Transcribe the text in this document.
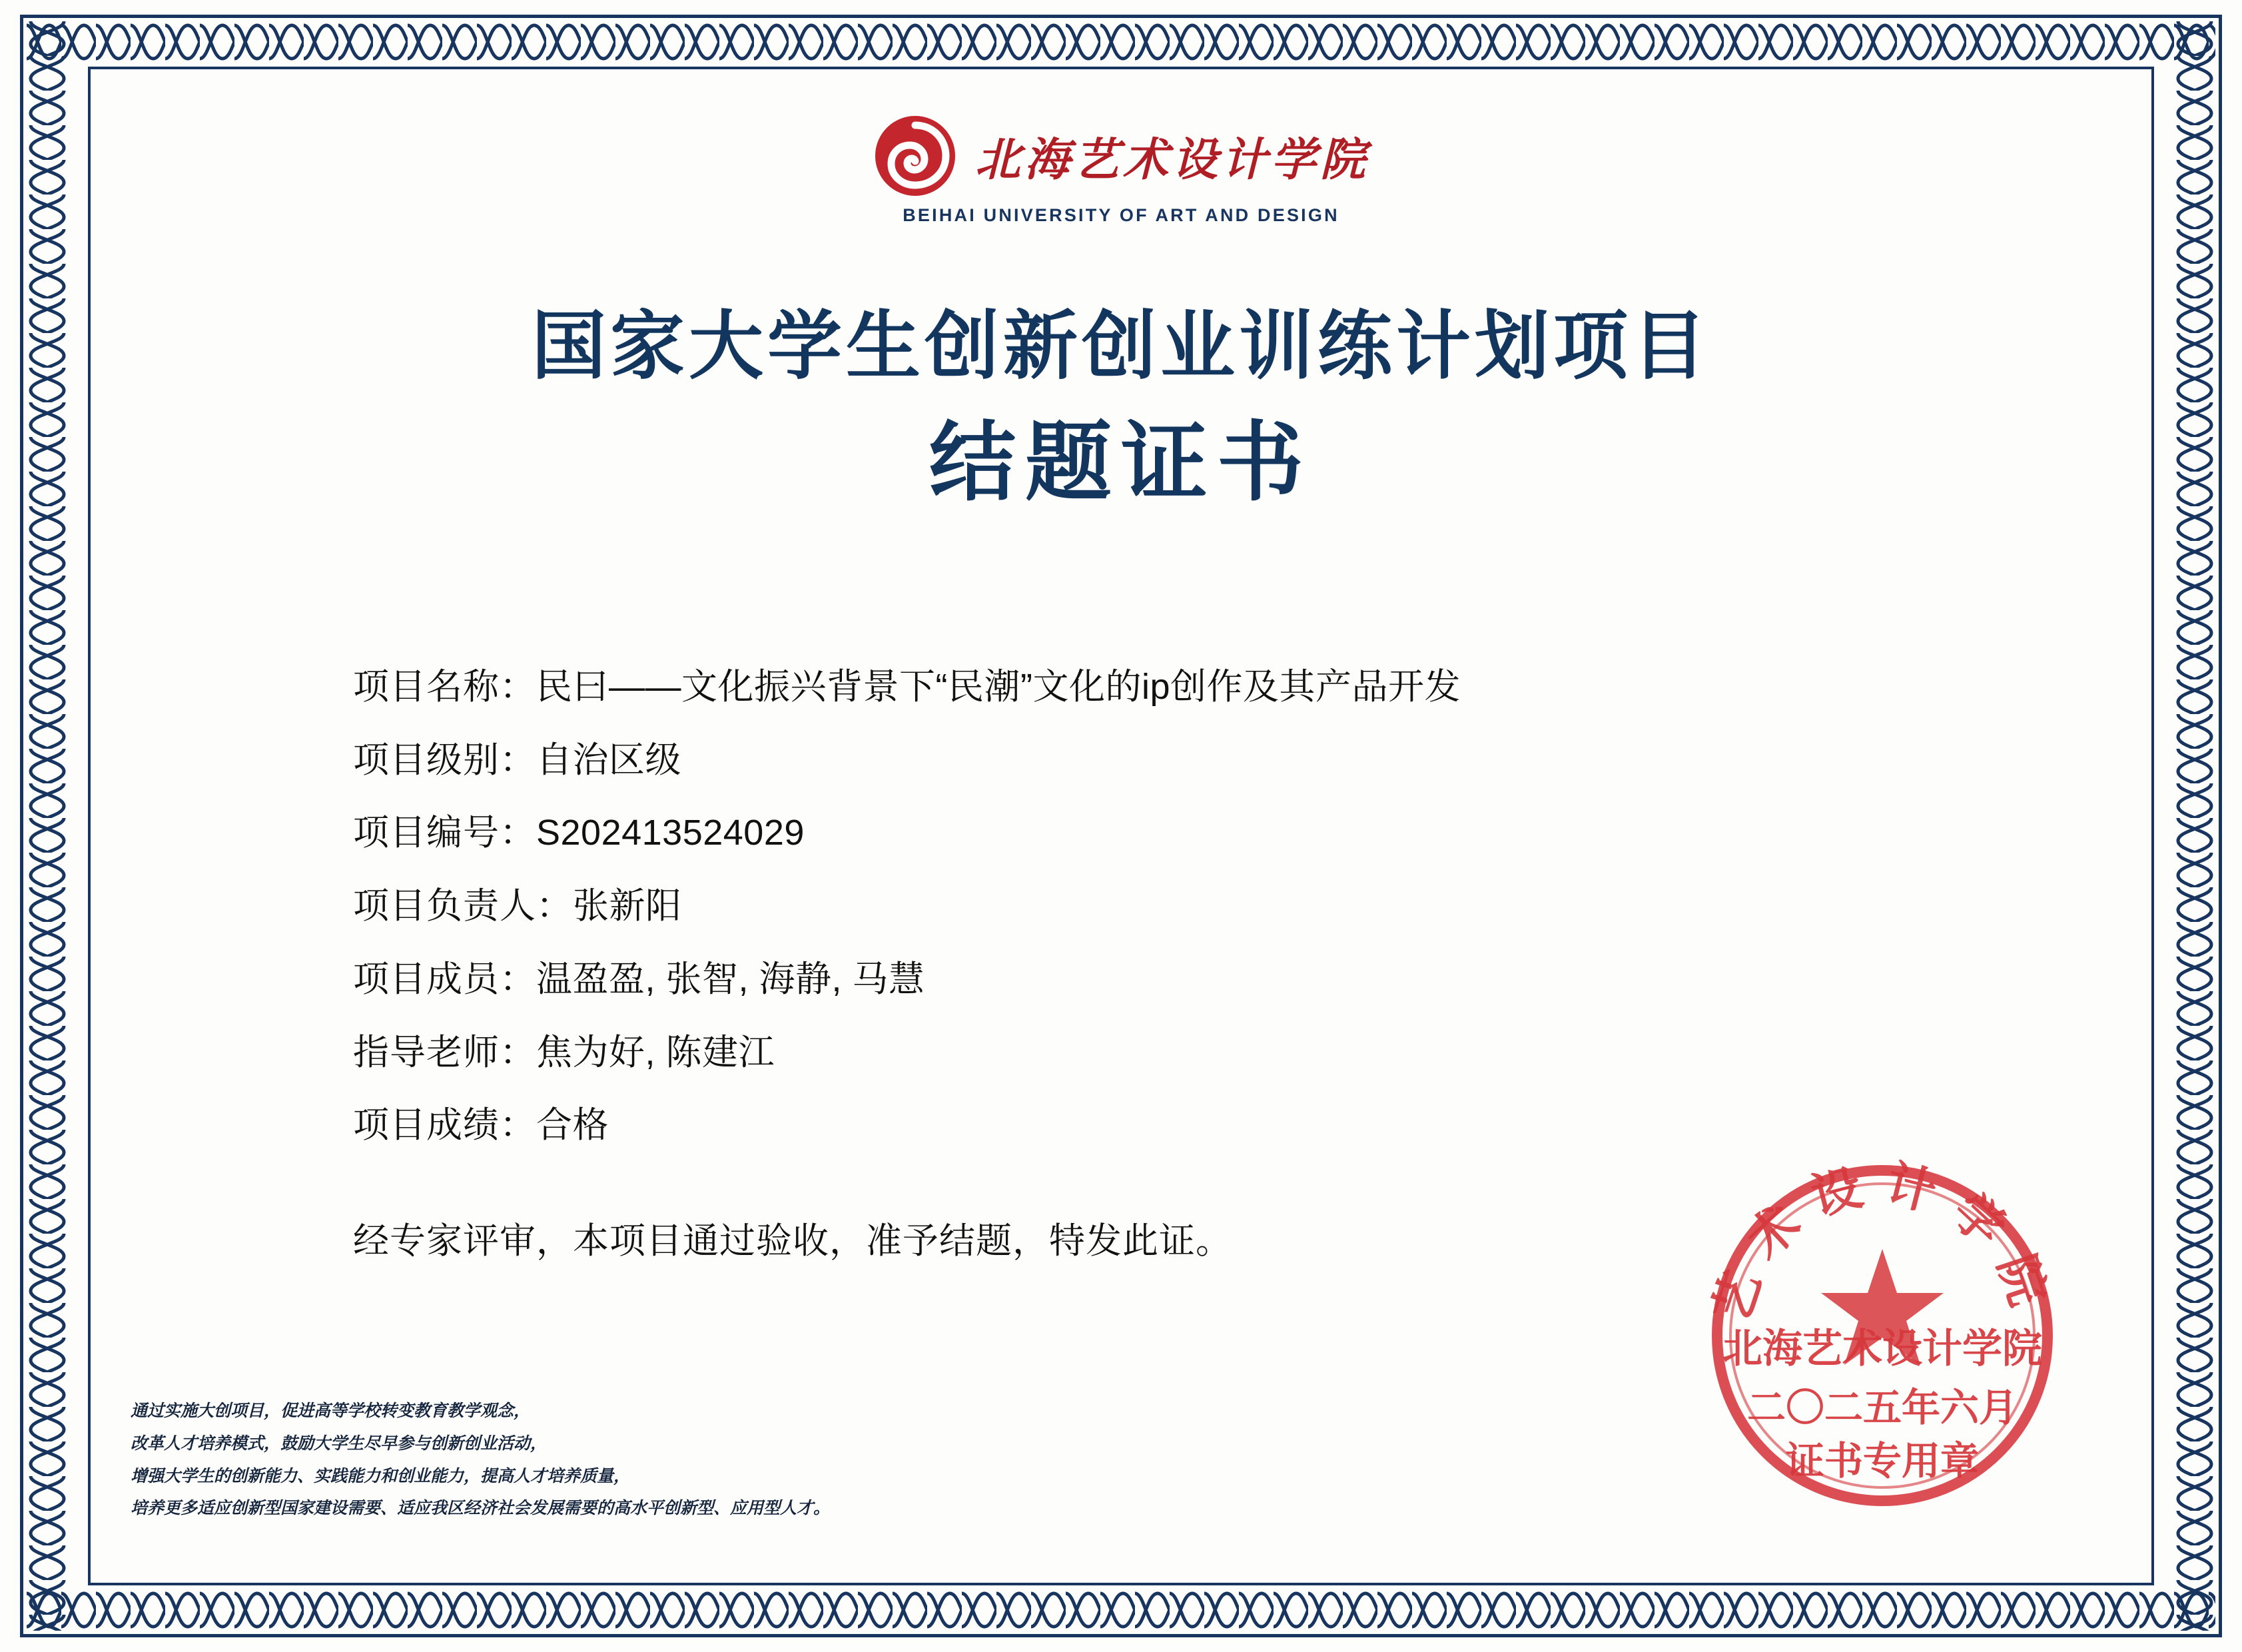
北海艺术设计学院
BEIHAI UNIVERSITY OF ART AND DESIGN
国家大学生创新创业训练计划项目
结题证书
项目名称： 民曰——文化振兴背景下“民潮”文化的ip创作及其产品开发
项目级别： 自治区级
项目编号： S202413524029
项目负责人： 张新阳
项目成员： 温盈盈, 张智, 海静, 马慧
指导老师： 焦为好, 陈建江
项目成绩： 合格
经专家评审，本项目通过验收，准予结题，特发此证。
通过实施大创项目，促进高等学校转变教育教学观念，
改革人才培养模式，鼓励大学生尽早参与创新创业活动，
增强大学生的创新能力、实践能力和创业能力，提高人才培养质量，
培养更多适应创新型国家建设需要、适应我区经济社会发展需要的高水平创新型、应用型人才。
艺术设计学院
北海艺术设计学院
二〇二五年六月
证书专用章
